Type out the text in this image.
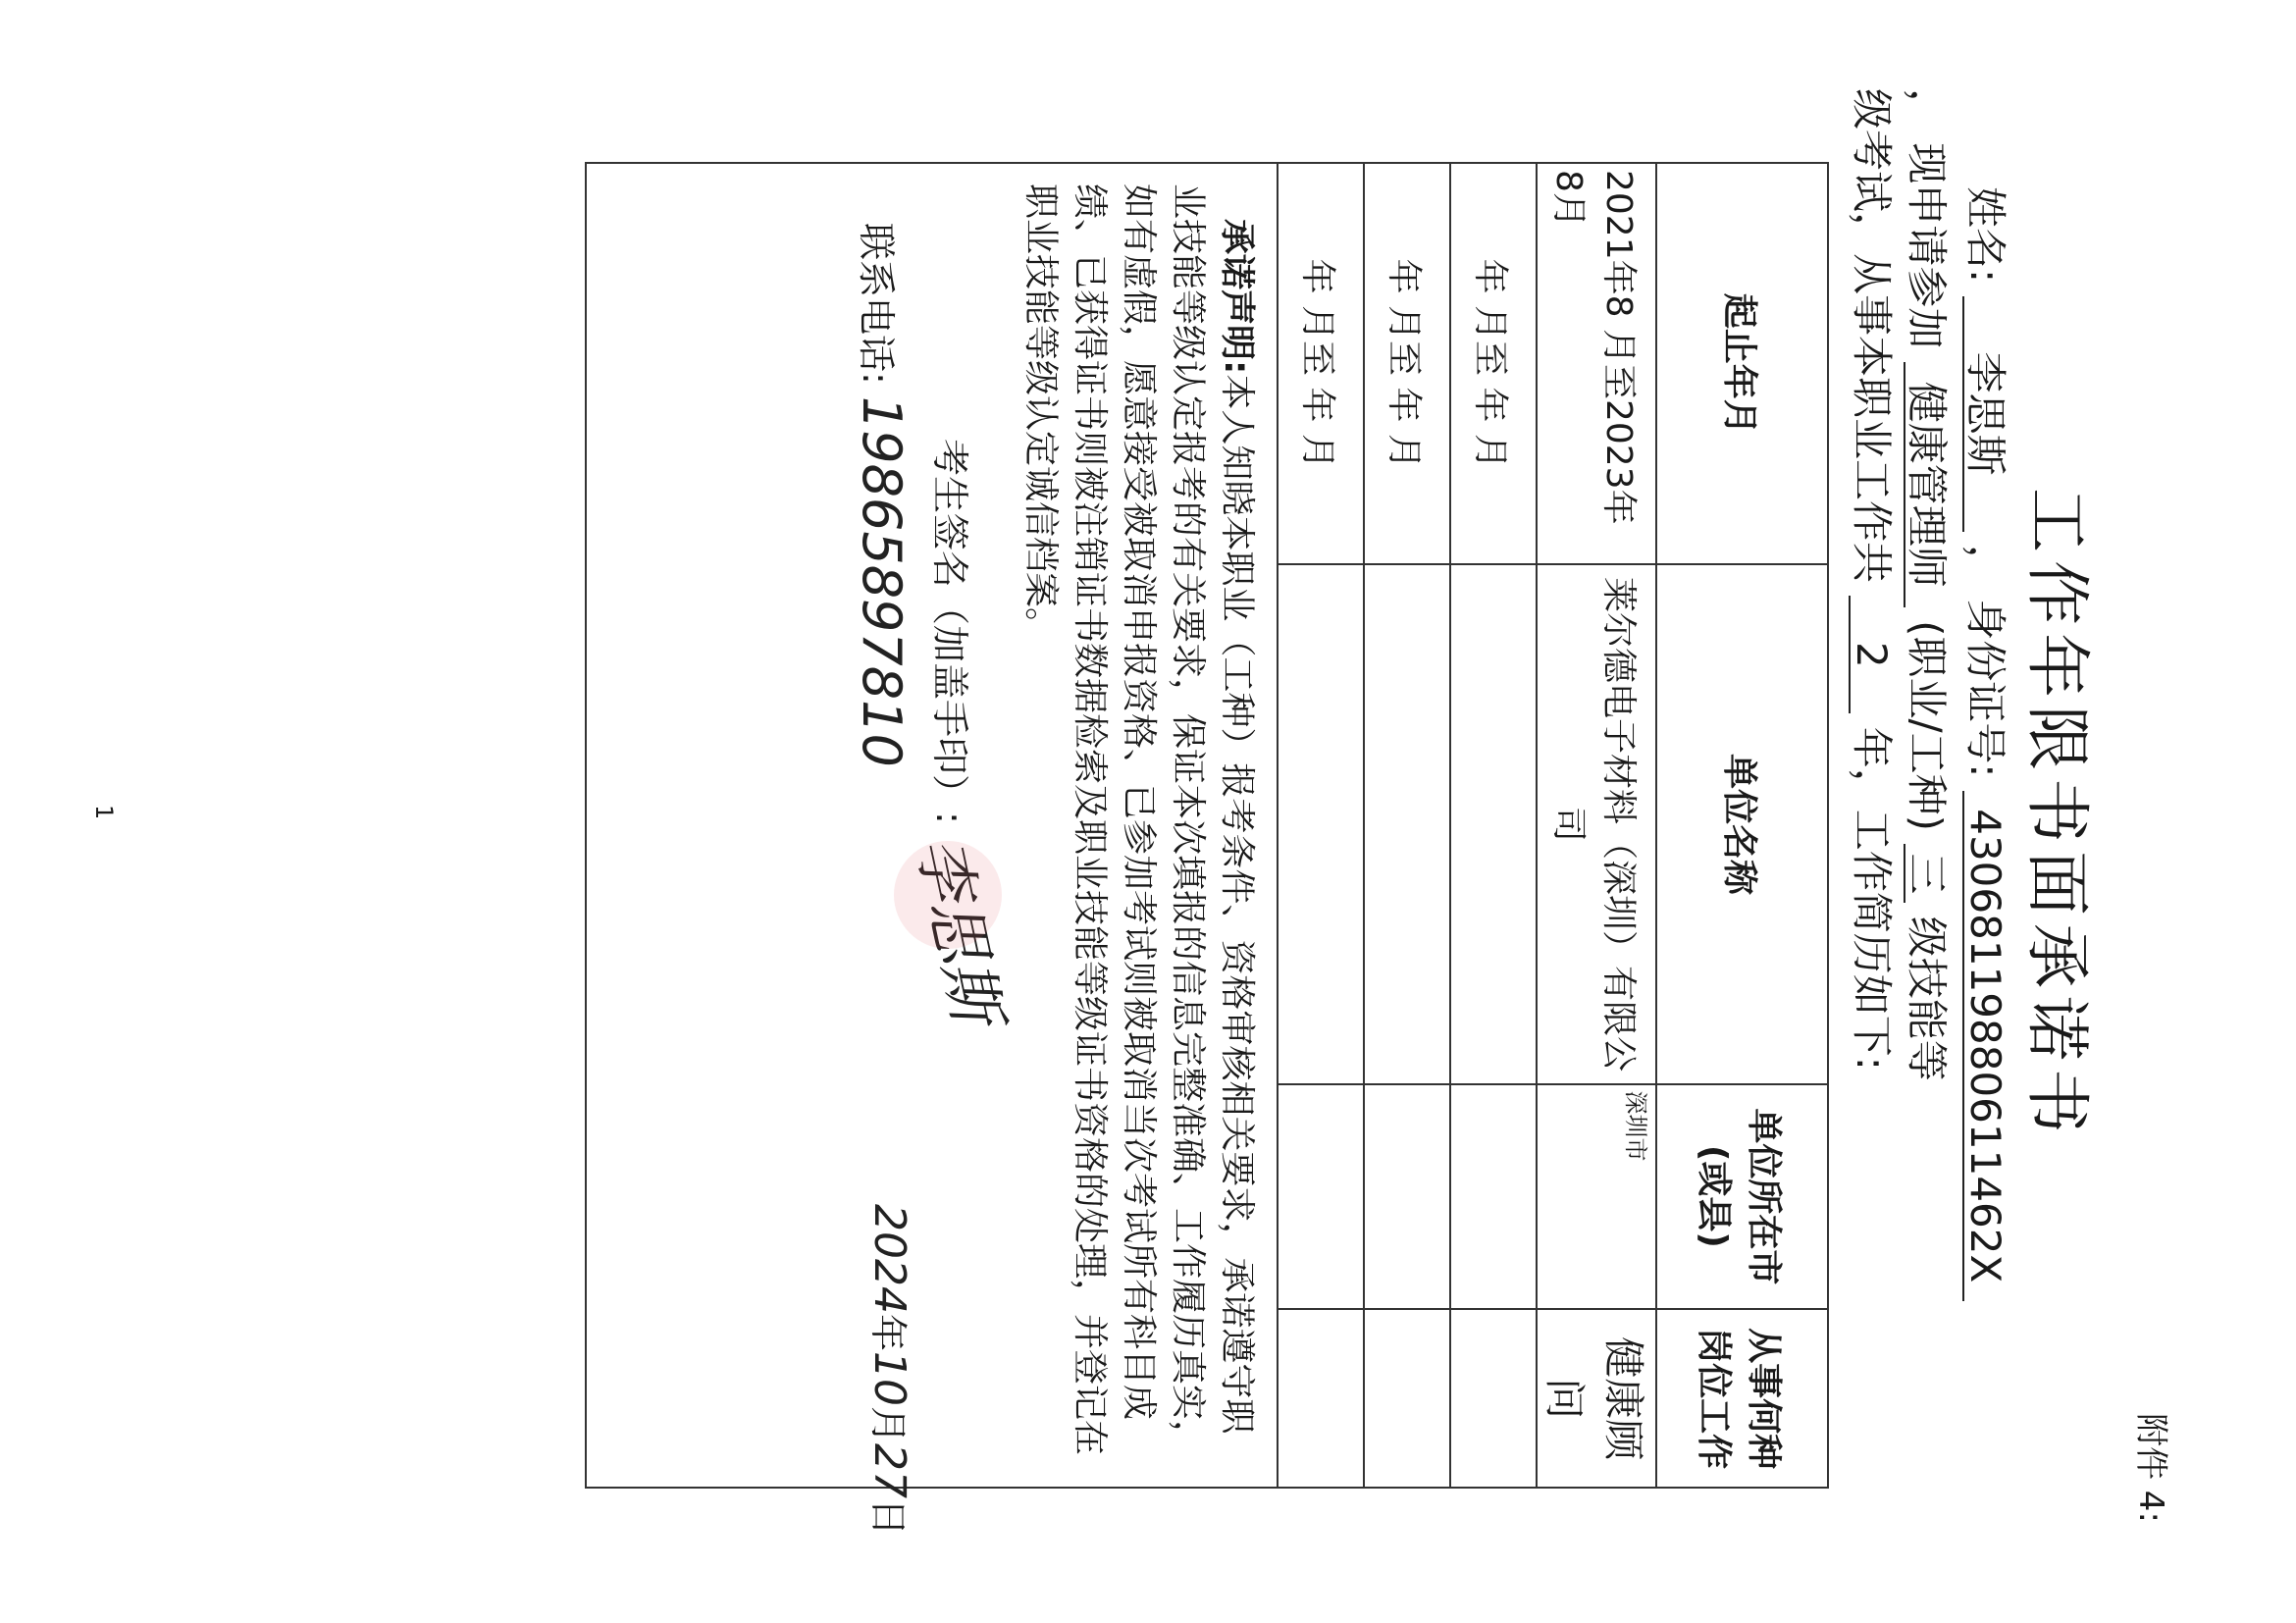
附件 4:
工作年限书面承诺书
姓名: 李思斯 ， 身份证号: 43068119880611462X
， 现申请参加 健康管理师 (职业/工种) 三 级技能等
级考试，从事本职业工作共 2 年，工作简历如下:
起止年月	单位名称	单位所在市(或县)	从事何种岗位工作
2021年8 月至2023年 8月	莱尔德电子材料（深圳）有限公司	深圳市	健康顾问
年 月至 年 月			
年 月至 年 月			
年 月至 年 月			

承诺声明:本人知晓本职业（工种）报考条件、资格审核相关要求，承诺遵守职业技能等级认定报考的有关要求，保证本次填报的信息完整准确、工作履历真实，如有虚假，愿意接受被取消申报资格、已参加考试则被取消当次考试所有科目成绩、已获得证书则被注销证书数据检索及职业技能等级证书资格的处理，并登记在职业技能等级认定诚信档案。
考生签名（加盖手印）: 李思斯
联系电话: 19865897810
2024年10月27日			
1
